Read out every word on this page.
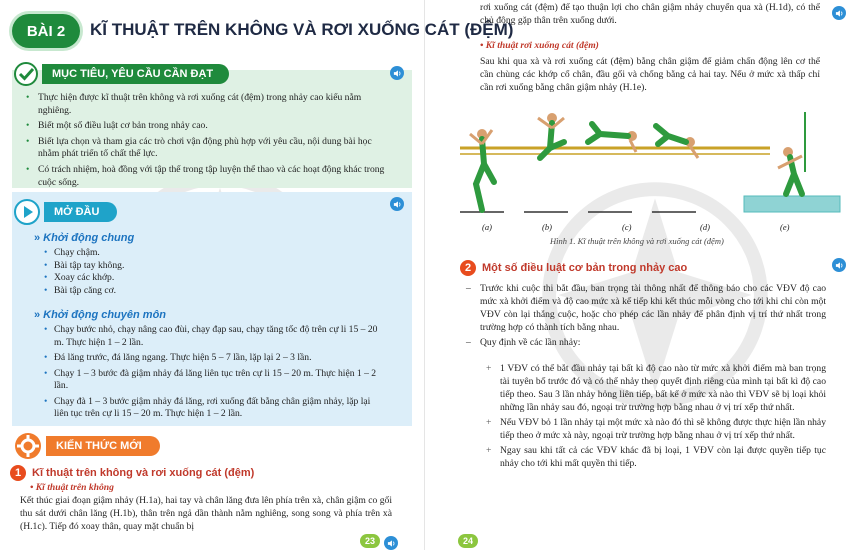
BÀI 2	KĨ THUẬT TRÊN KHÔNG VÀ RƠI XUỐNG CÁT (ĐỆM)
MỤC TIÊU, YÊU CẦU CẦN ĐẠT
• Thực hiện được kĩ thuật trên không và rơi xuống cát (đệm) trong nhảy cao kiểu nằm nghiêng.
• Biết một số điều luật cơ bản trong nhảy cao.
• Biết lựa chọn và tham gia các trò chơi vận động phù hợp với yêu cầu, nội dung bài học nhằm phát triển tố chất thể lực.
• Có trách nhiệm, hoà đồng với tập thể trong tập luyện thể thao và các hoạt động khác trong cuộc sống.
MỞ ĐẦU
» Khởi động chung
• Chạy chậm.
• Bài tập tay không.
• Xoay các khớp.
• Bài tập căng cơ.
» Khởi động chuyên môn
• Chạy bước nhỏ, chạy nâng cao đùi, chạy đạp sau, chạy tăng tốc độ trên cự li 15 – 20 m. Thực hiện 1 – 2 lần.
• Đá lăng trước, đá lăng ngang. Thực hiện 5 – 7 lần, lặp lại 2 – 3 lần.
• Chạy 1 – 3 bước đà giậm nhảy đá lăng liên tục trên cự li 15 – 20 m. Thực hiện 1 – 2 lần.
• Chạy đà 1 – 3 bước giậm nhảy đá lăng, rơi xuống đất bằng chân giậm nhảy, lặp lại liên tục trên cự li 15 – 20 m. Thực hiện 1 – 2 lần.
KIẾN THỨC MỚI
1 Kĩ thuật trên không và rơi xuống cát (đệm)
• Kĩ thuật trên không

Kết thúc giai đoạn giậm nhảy (H.1a), hai tay và chân lăng đưa lên phía trên xà, chân giậm co gối thu sát dưới chân lăng (H.1b), thân trên ngả dần thành nằm nghiêng, song song và phía trên xà (H.1c). Tiếp đó xoay thân, quay mặt chuẩn bị

23

rơi xuống cát (đệm) để tạo thuận lợi cho chân giậm nhảy chuyển qua xà (H.1d), có thể chủ động gặp thân trên xuống dưới.

• Kĩ thuật rơi xuống cát (đệm)

Sau khi qua xà và rơi xuống cát (đệm) bằng chân giậm để giảm chấn động lên cơ thể cần chùng các khớp cổ chân, đầu gối và chống bằng cả hai tay. Nếu ở mức xà thấp chỉ cần rơi xuống bằng chân giậm nhảy (H.1e).

(a)	(b)	(c)	(d)	(e)
Hình 1. Kĩ thuật trên không và rơi xuống cát (đệm)
2 Một số điều luật cơ bản trong nhảy cao
– Trước khi cuộc thi bắt đầu, ban trọng tài thông nhất để thông báo cho các VĐV độ cao mức xà khởi điểm và độ cao mức xà kế tiếp khi kết thúc mỗi vòng cho tới khi chỉ còn một VĐV còn lại thắng cuộc, hoặc cho phép các lần nhảy để phân định vị trí thứ nhất trong trường hợp có thành tích bằng nhau.
– Quy định về các lần nhảy:
+ 1 VĐV có thể bắt đầu nhảy tại bất kì độ cao nào từ mức xà khởi điểm mà ban trọng tài tuyên bố trước đó và có thể nhảy theo quyết định riêng của mình tại bất kì độ cao tiếp theo. Sau 3 lần nhảy hỏng liên tiếp, bất kể ở mức xà nào thì VĐV sẽ bị loại khỏi những lần nhảy sau đó, ngoại trừ trường hợp bằng nhau ở vị trí xếp thứ nhất.
+ Nếu VĐV bỏ 1 lần nhảy tại một mức xà nào đó thì sẽ không được thực hiện lần nhảy tiếp theo ở mức xà này, ngoại trừ trường hợp bằng nhau ở vị trí xếp thứ nhất.
+ Ngay sau khi tất cả các VĐV khác đã bị loại, 1 VĐV còn lại được quyền tiếp tục nhảy cho tới khi mất quyền thi tiếp.
24
